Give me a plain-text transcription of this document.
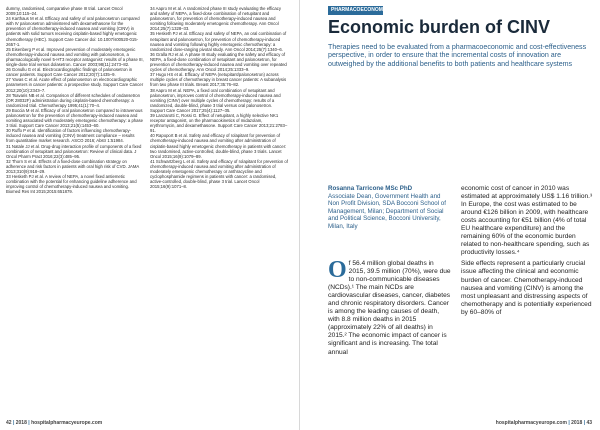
dummy, randomised, comparative phase III trial. Lancet Oncol 2009;10:115–24.

24 Karthaus M et al. Efficacy and safety of oral palonosetron compared with IV palonosetron administered with dexamethasone for the prevention of chemotherapy-induced nausea and vomiting (CINV) in patients with solid tumors receiving cisplatin-based highly emetogenic chemotherapy (HEC). Support Care Cancer doi: 10.1007/s00520-015-2657-1.

25 Eisenberg P et al. Improved prevention of moderately emetogenic chemotherapy-induced nausea and vomiting with palonosetron, a pharmacologically novel 5-HT3 receptor antagonist: results of a phase III, single-dose trial versus dolasetron. Cancer 2003;98(11):2473–82.

26 Gonullu G et al. Electrocardiographic findings of palonosetron in cancer patients. Support Care Cancer 2012;20(7):1435–9.

27 Yavas C et al. Acute effect of palonosetron on electrocardiographic parameters in cancer patients: a prospective study. Support Care Cancer 2012;20(10):2343–7.

28 Tsavaris NB et al. Comparison of different schedules of ondansetron (OR 28032F) administration during cisplatin-based chemotherapy: a randomized trial. Chemotherapy 1995;41(1):70–4.

29 Boccia M et al. Efficacy of oral palonosetron compared to intravenous palonosetron for the prevention of chemotherapy-induced nausea and vomiting associated with moderately emetogenic chemotherapy: a phase 3 trial. Support Care Cancer 2013;21(5):1453–60.

30 Ruffo P et al. Identification of factors influencing chemotherapy-induced nausea and vomiting (CINV) treatment compliance – results from quantitative market research. ASCO 2016; Abstr 1:51984.

31 Natale JJ et al. Drug-drug interaction profile of components of a fixed combination of netupitant and palonosetron: Review of clinical data. J Oncol Pharm Pract 2016;22(3):485–95.

32 Thorn S et al. Effects of a fixed-dose combination strategy on adherence and risk factors in patients with oral high risk of CVD. JAMA 2013;310(9):918–29.

33 Hesketh PJ et al. A review of NEPA, a novel fixed antiemetic combination with the potential for enhancing guideline adherence and improving control of chemotherapy-induced nausea and vomiting. Biomed Res Int 2015;2015:651879.

34 Aapro M et al. A randomized phase III study evaluating the efficacy and safety of NEPA, a fixed-dose combination of netupitant and palonosetron, for prevention of chemotherapy-induced nausea and vomiting following moderately emetogenic chemotherapy. Ann Oncol 2014;25(7):1328–33.

35 Hesketh PJ et al. Efficacy and safety of NEPA, an oral combination of netupitant and palonosetron, for prevention of chemotherapy-induced nausea and vomiting following highly emetogenic chemotherapy: a randomized dose-ranging pivotal study. Ann Oncol 2014;25(7):1340–6.

36 Gralla RJ et al. A phase III study evaluating the safety and efficacy of NEPA, a fixed-dose combination of netupitant and palonosetron, for prevention of chemotherapy-induced nausea and vomiting over repeated cycles of chemotherapy. Ann Oncol 2014;25:1333–9.

37 Hugo HS et al. Efficacy of NEPA (netupitant/palonosetron) across multiple cycles of chemotherapy in breast cancer patients: A subanalysis from two phase III trials. Breast 2017;35:76–82.

38 Aapro M et al. NEPA, a fixed oral combination of netupitant and palonosetron, improves control of chemotherapy-induced nausea and vomiting (CINV) over multiple cycles of chemotherapy: results of a randomized, double-blind, phase 3 trial versus oral palonosetron. Support Care Cancer 2017;25(4):1127–35.

39 Lanzarotti C, Rossi G. Effect of netupitant, a highly selective NK1 receptor antagonist, on the pharmacokinetics of midazolam, erythromycin, and dexamethasone. Support Care Cancer 2013;21:2783–91.

40 Rapoport B et al. Safety and efficacy of rolapitant for prevention of chemotherapy-induced nausea and vomiting after administration of cisplatin-based highly emetogenic chemotherapy in patients with cancer: two randomised, active-controlled, double-blind, phase 3 trials. Lancet Oncol 2015;16(9):1079–89.

41 Schwartzberg L et al. Safety and efficacy of rolapitant for prevention of chemotherapy-induced nausea and vomiting after administration of moderately emetogenic chemotherapy or anthracycline and cyclophosphamide regimens in patients with cancer: a randomised, active-controlled, double-blind, phase 3 trial. Lancet Oncol 2015;16(9):1071–8.

42 | 2018 | hospitalpharmacyeurope.com
PHARMACOECONOMICS
Economic burden of CINV
Therapies need to be evaluated from a pharmacoeconomic and cost-effectiveness perspective, in order to ensure that the incremental costs of innovation are outweighed by the additional benefits to both patients and healthcare systems
Rosanna Tarricone MSc PhD
Associate Dean, Government Health and Non Profit Division, SDA Bocconi School of Management, Milan; Department of Social and Political Science, Bocconi University, Milan, Italy
Of 56.4 million global deaths in 2015, 39.5 million (70%), were due to non-communicable diseases (NCDs).¹ The main NCDs are cardiovascular diseases, cancer, diabetes and chronic respiratory disorders. Cancer is among the leading causes of death, with 8.8 million deaths in 2015 (approximately 22% of all deaths) in 2015.² The economic impact of cancer is significant and is increasing. The total annual

economic cost of cancer in 2010 was estimated at approximately US$ 1.16 trillion.³ In Europe, the cost was estimated to be around €126 billion in 2009, with healthcare costs accounting for €51 billion (4% of total EU healthcare expenditure) and the remaining 60% of the economic burden related to non-healthcare spending, such as productivity losses.⁴

Side effects represent a particularly crucial issue affecting the clinical and economic burden of cancer. Chemotherapy-induced nausea and vomiting (CINV) is among the most unpleasant and distressing aspects of chemotherapy and is potentially experienced by 60–80% of

hospitalpharmacyeurope.com | 2018 | 43
